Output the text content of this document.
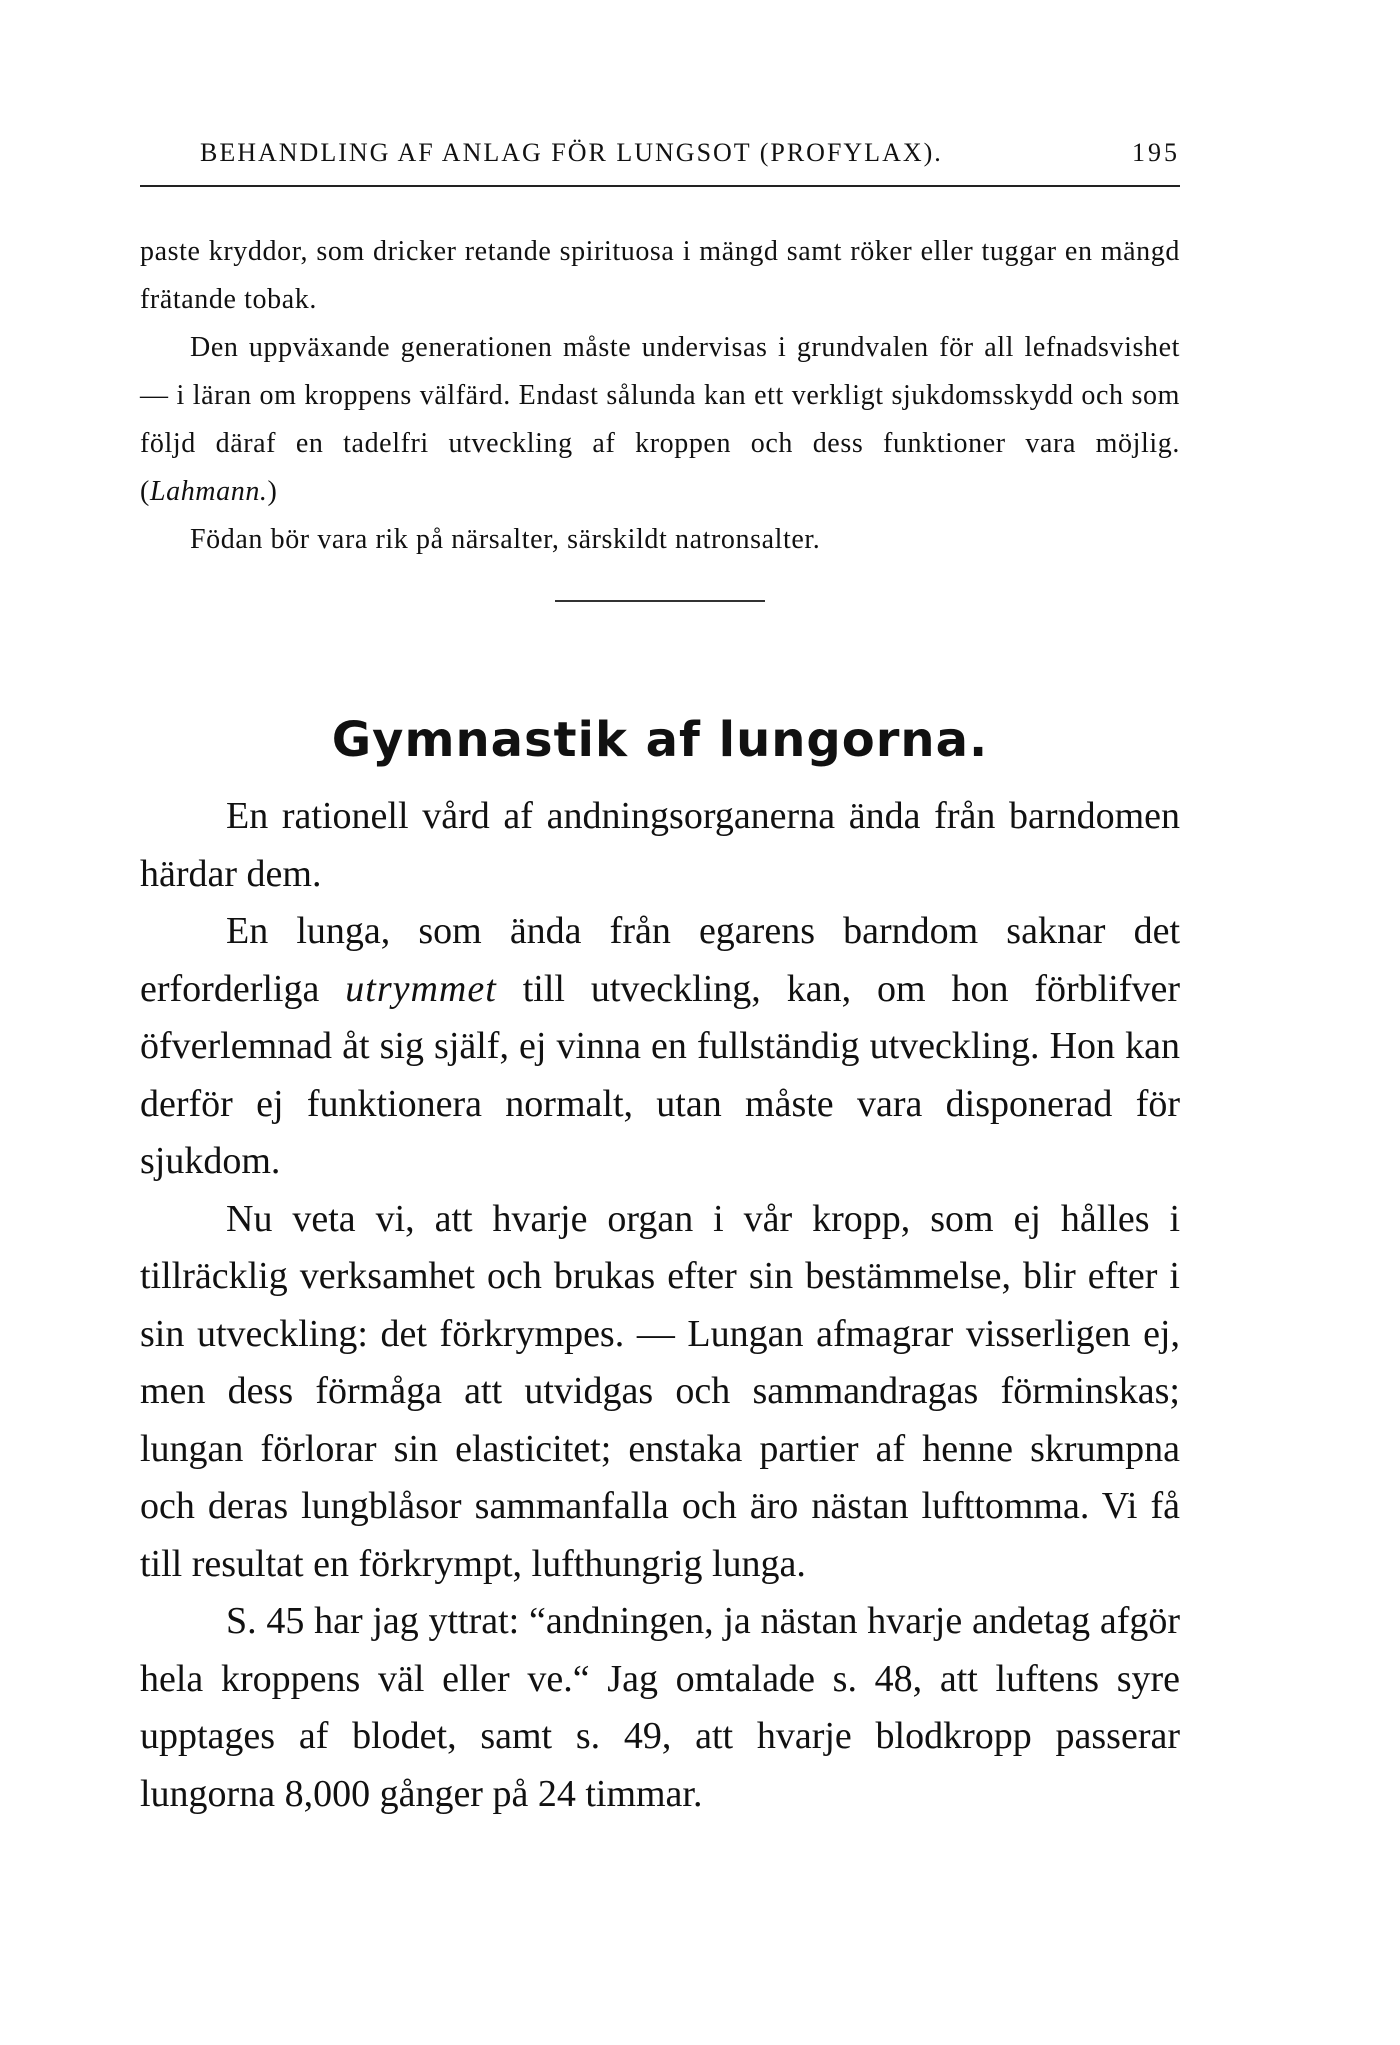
BEHANDLING AF ANLAG FÖR LUNGSOT (PROFYLAX).	195

paste kryddor, som dricker retande spirituosa i mängd samt röker eller tuggar en mängd frätande tobak.

Den uppväxande generationen måste undervisas i grundvalen för all lefnadsvishet — i läran om kroppens välfärd. Endast sålunda kan ett verkligt sjukdomsskydd och som följd däraf en tadelfri utveckling af kroppen och dess funktioner vara möjlig. (Lahmann.)

Födan bör vara rik på närsalter, särskildt natronsalter.

Gymnastik af lungorna.

En rationell vård af andningsorganerna ända från barndomen härdar dem.

En lunga, som ända från egarens barndom saknar det erforderliga utrymmet till utveckling, kan, om hon förblifver öfverlemnad åt sig själf, ej vinna en fullständig utveckling. Hon kan derför ej funktionera normalt, utan måste vara disponerad för sjukdom.

Nu veta vi, att hvarje organ i vår kropp, som ej hålles i tillräcklig verksamhet och brukas efter sin bestämmelse, blir efter i sin utveckling: det förkrympes. — Lungan afmagrar visserligen ej, men dess förmåga att utvidgas och sammandragas förminskas; lungan förlorar sin elasticitet; enstaka partier af henne skrumpna och deras lungblåsor sammanfalla och äro nästan lufttomma. Vi få till resultat en förkrympt, lufthungrig lunga.

S. 45 har jag yttrat: “andningen, ja nästan hvarje andetag afgör hela kroppens väl eller ve.“ Jag omtalade s. 48, att luftens syre upptages af blodet, samt s. 49, att hvarje blodkropp passerar lungorna 8,000 gånger på 24 timmar.
